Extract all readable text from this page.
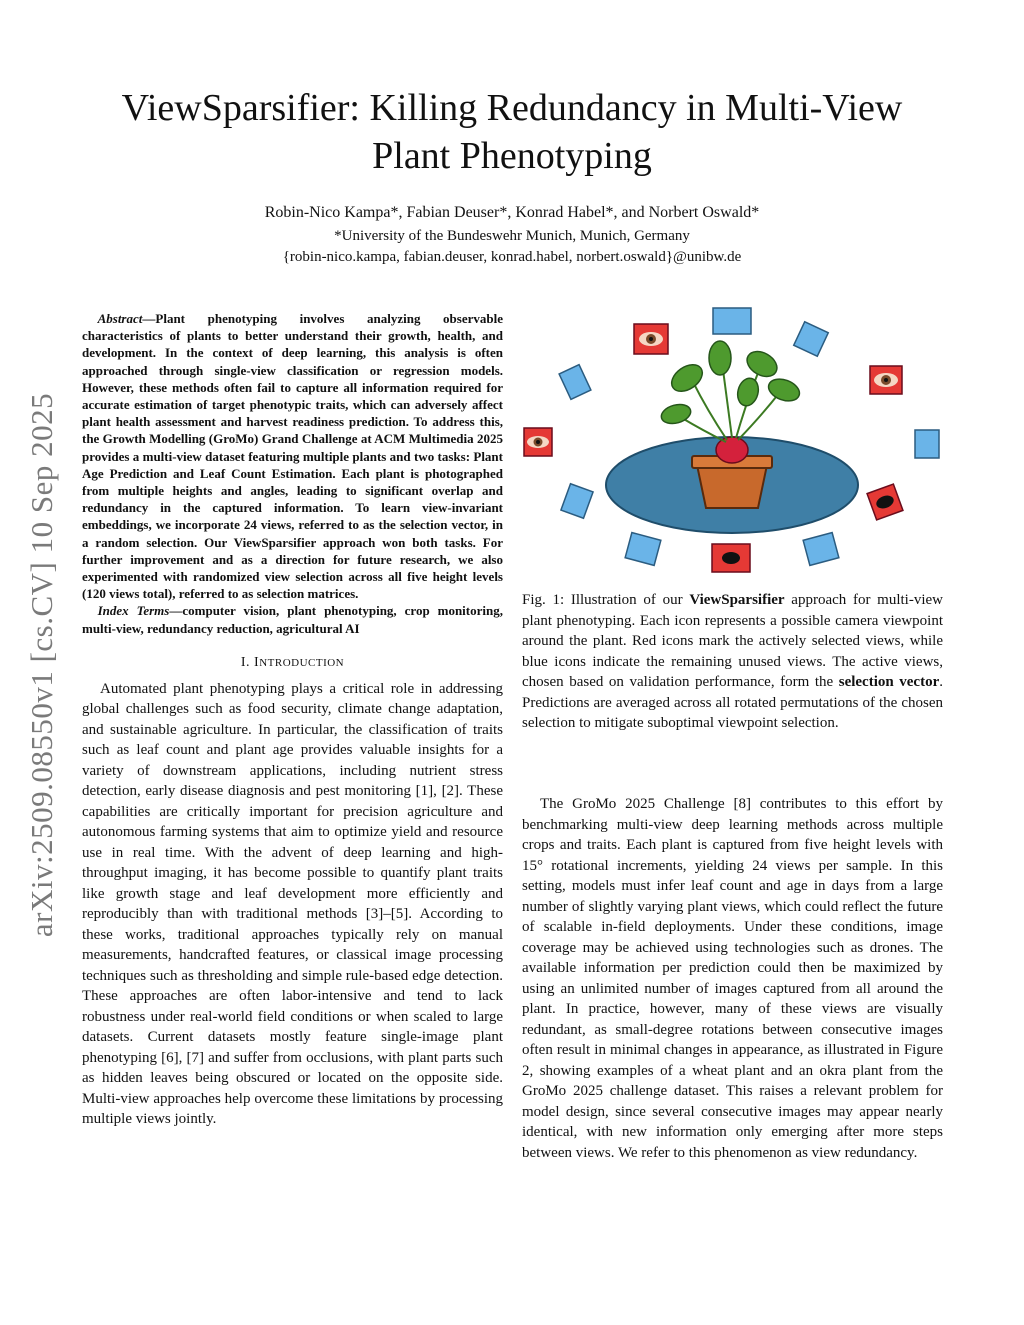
arXiv:2509.08550v1 [cs.CV] 10 Sep 2025
ViewSparsifier: Killing Redundancy in Multi-View
Plant Phenotyping
Robin-Nico Kampa*, Fabian Deuser*, Konrad Habel*, and Norbert Oswald*
*University of the Bundeswehr Munich, Munich, Germany
{robin-nico.kampa, fabian.deuser, konrad.habel, norbert.oswald}@unibw.de

Abstract—Plant phenotyping involves analyzing observable characteristics of plants to better understand their growth, health, and development. In the context of deep learning, this analysis is often approached through single-view classification or regression models. However, these methods often fail to capture all information required for accurate estimation of target phenotypic traits, which can adversely affect plant health assessment and harvest readiness prediction. To address this, the Growth Modelling (GroMo) Grand Challenge at ACM Multimedia 2025 provides a multi-view dataset featuring multiple plants and two tasks: Plant Age Prediction and Leaf Count Estimation. Each plant is photographed from multiple heights and angles, leading to significant overlap and redundancy in the captured information. To learn view-invariant embeddings, we incorporate 24 views, referred to as the selection vector, in a random selection. Our ViewSparsifier approach won both tasks. For further improvement and as a direction for future research, we also experimented with randomized view selection across all five height levels (120 views total), referred to as selection matrices.

Index Terms—computer vision, plant phenotyping, crop monitoring, multi-view, redundancy reduction, agricultural AI

I. INTRODUCTION

Automated plant phenotyping plays a critical role in addressing global challenges such as food security, climate change adaptation, and sustainable agriculture. In particular, the classification of traits such as leaf count and plant age provides valuable insights for a variety of downstream applications, including nutrient stress detection, early disease diagnosis and pest monitoring [1], [2]. These capabilities are critically important for precision agriculture and autonomous farming systems that aim to optimize yield and resource use in real time. With the advent of deep learning and high-throughput imaging, it has become possible to quantify plant traits like growth stage and leaf development more efficiently and reproducibly than with traditional methods [3]–[5]. According to these works, traditional approaches typically rely on manual measurements, handcrafted features, or classical image processing techniques such as thresholding and simple rule-based edge detection. These approaches are often labor-intensive and tend to lack robustness under real-world field conditions or when scaled to large datasets. Current datasets mostly feature single-image plant phenotyping [6], [7] and suffer from occlusions, with plant parts such as hidden leaves being obscured or located on the opposite side. Multi-view approaches help overcome these limitations by processing multiple views jointly.

Fig. 1: Illustration of our ViewSparsifier approach for multi-view plant phenotyping. Each icon represents a possible camera viewpoint around the plant. Red icons mark the actively selected views, while blue icons indicate the remaining unused views. The active views, chosen based on validation performance, form the selection vector. Predictions are averaged across all rotated permutations of the chosen selection to mitigate suboptimal viewpoint selection.

The GroMo 2025 Challenge [8] contributes to this effort by benchmarking multi-view deep learning methods across multiple crops and traits. Each plant is captured from five height levels with 15° rotational increments, yielding 24 views per sample. In this setting, models must infer leaf count and age in days from a large number of slightly varying plant views, which could reflect the future of scalable in-field deployments. Under these conditions, image coverage may be achieved using technologies such as drones. The available information per prediction could then be maximized by using an unlimited number of images captured from all around the plant. In practice, however, many of these views are visually redundant, as small-degree rotations between consecutive images often result in minimal changes in appearance, as illustrated in Figure 2, showing examples of a wheat plant and an okra plant from the GroMo 2025 challenge dataset. This raises a relevant problem for model design, since several consecutive images may appear nearly identical, with new information only emerging after more steps between views. We refer to this phenomenon as view redundancy.
